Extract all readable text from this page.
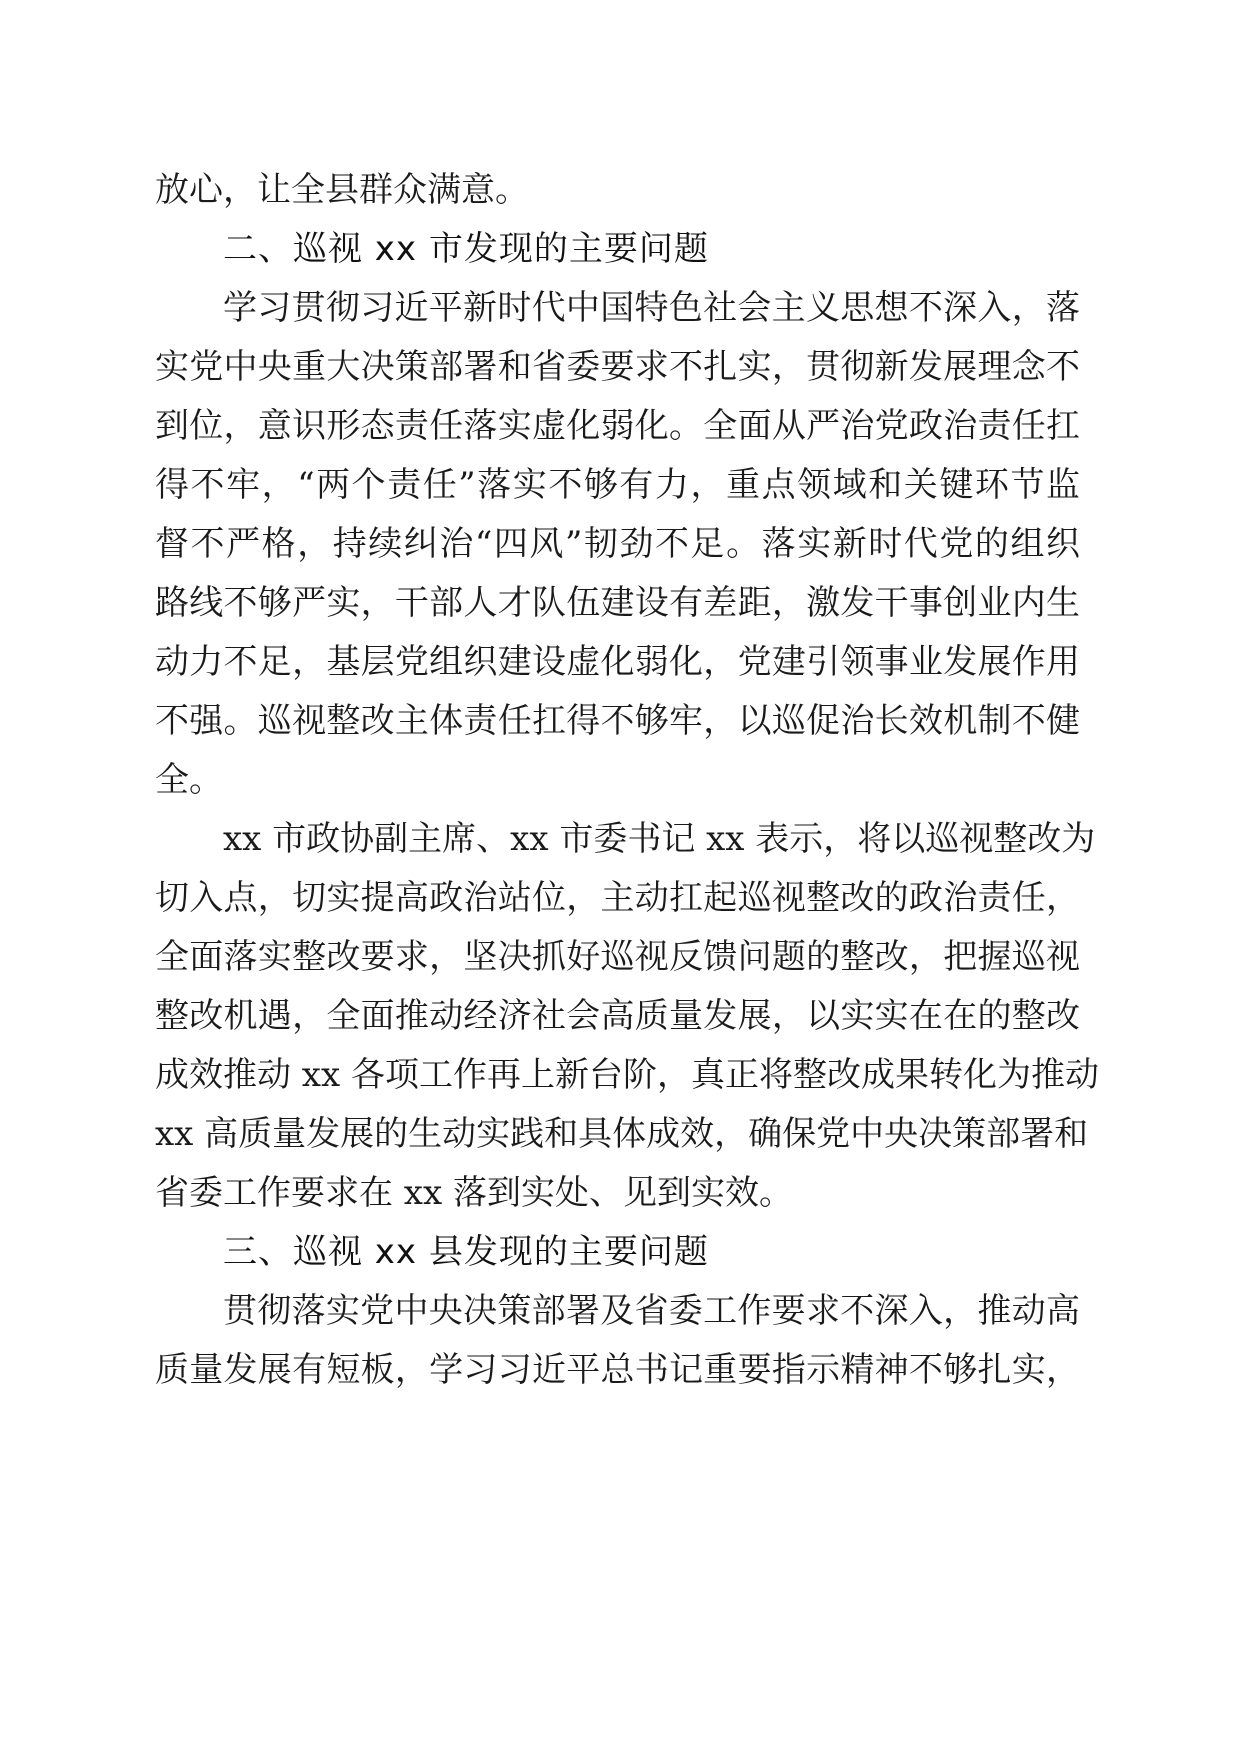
放心，让全县群众满意。
二、巡视 xx 市发现的主要问题
学习贯彻习近平新时代中国特色社会主义思想不深入，落
实党中央重大决策部署和省委要求不扎实，贯彻新发展理念不
到位，意识形态责任落实虚化弱化。全面从严治党政治责任扛
得不牢，“两个责任”落实不够有力，重点领域和关键环节监
督不严格，持续纠治“四风”韧劲不足。落实新时代党的组织
路线不够严实，干部人才队伍建设有差距，激发干事创业内生
动力不足，基层党组织建设虚化弱化，党建引领事业发展作用
不强。巡视整改主体责任扛得不够牢，以巡促治长效机制不健
全。
xx 市政协副主席、xx 市委书记 xx 表示，将以巡视整改为
切入点，切实提高政治站位，主动扛起巡视整改的政治责任，
全面落实整改要求，坚决抓好巡视反馈问题的整改，把握巡视
整改机遇，全面推动经济社会高质量发展，以实实在在的整改
成效推动 xx 各项工作再上新台阶，真正将整改成果转化为推动
xx 高质量发展的生动实践和具体成效，确保党中央决策部署和
省委工作要求在 xx 落到实处、见到实效。
三、巡视 xx 县发现的主要问题
贯彻落实党中央决策部署及省委工作要求不深入，推动高
质量发展有短板，学习习近平总书记重要指示精神不够扎实，
